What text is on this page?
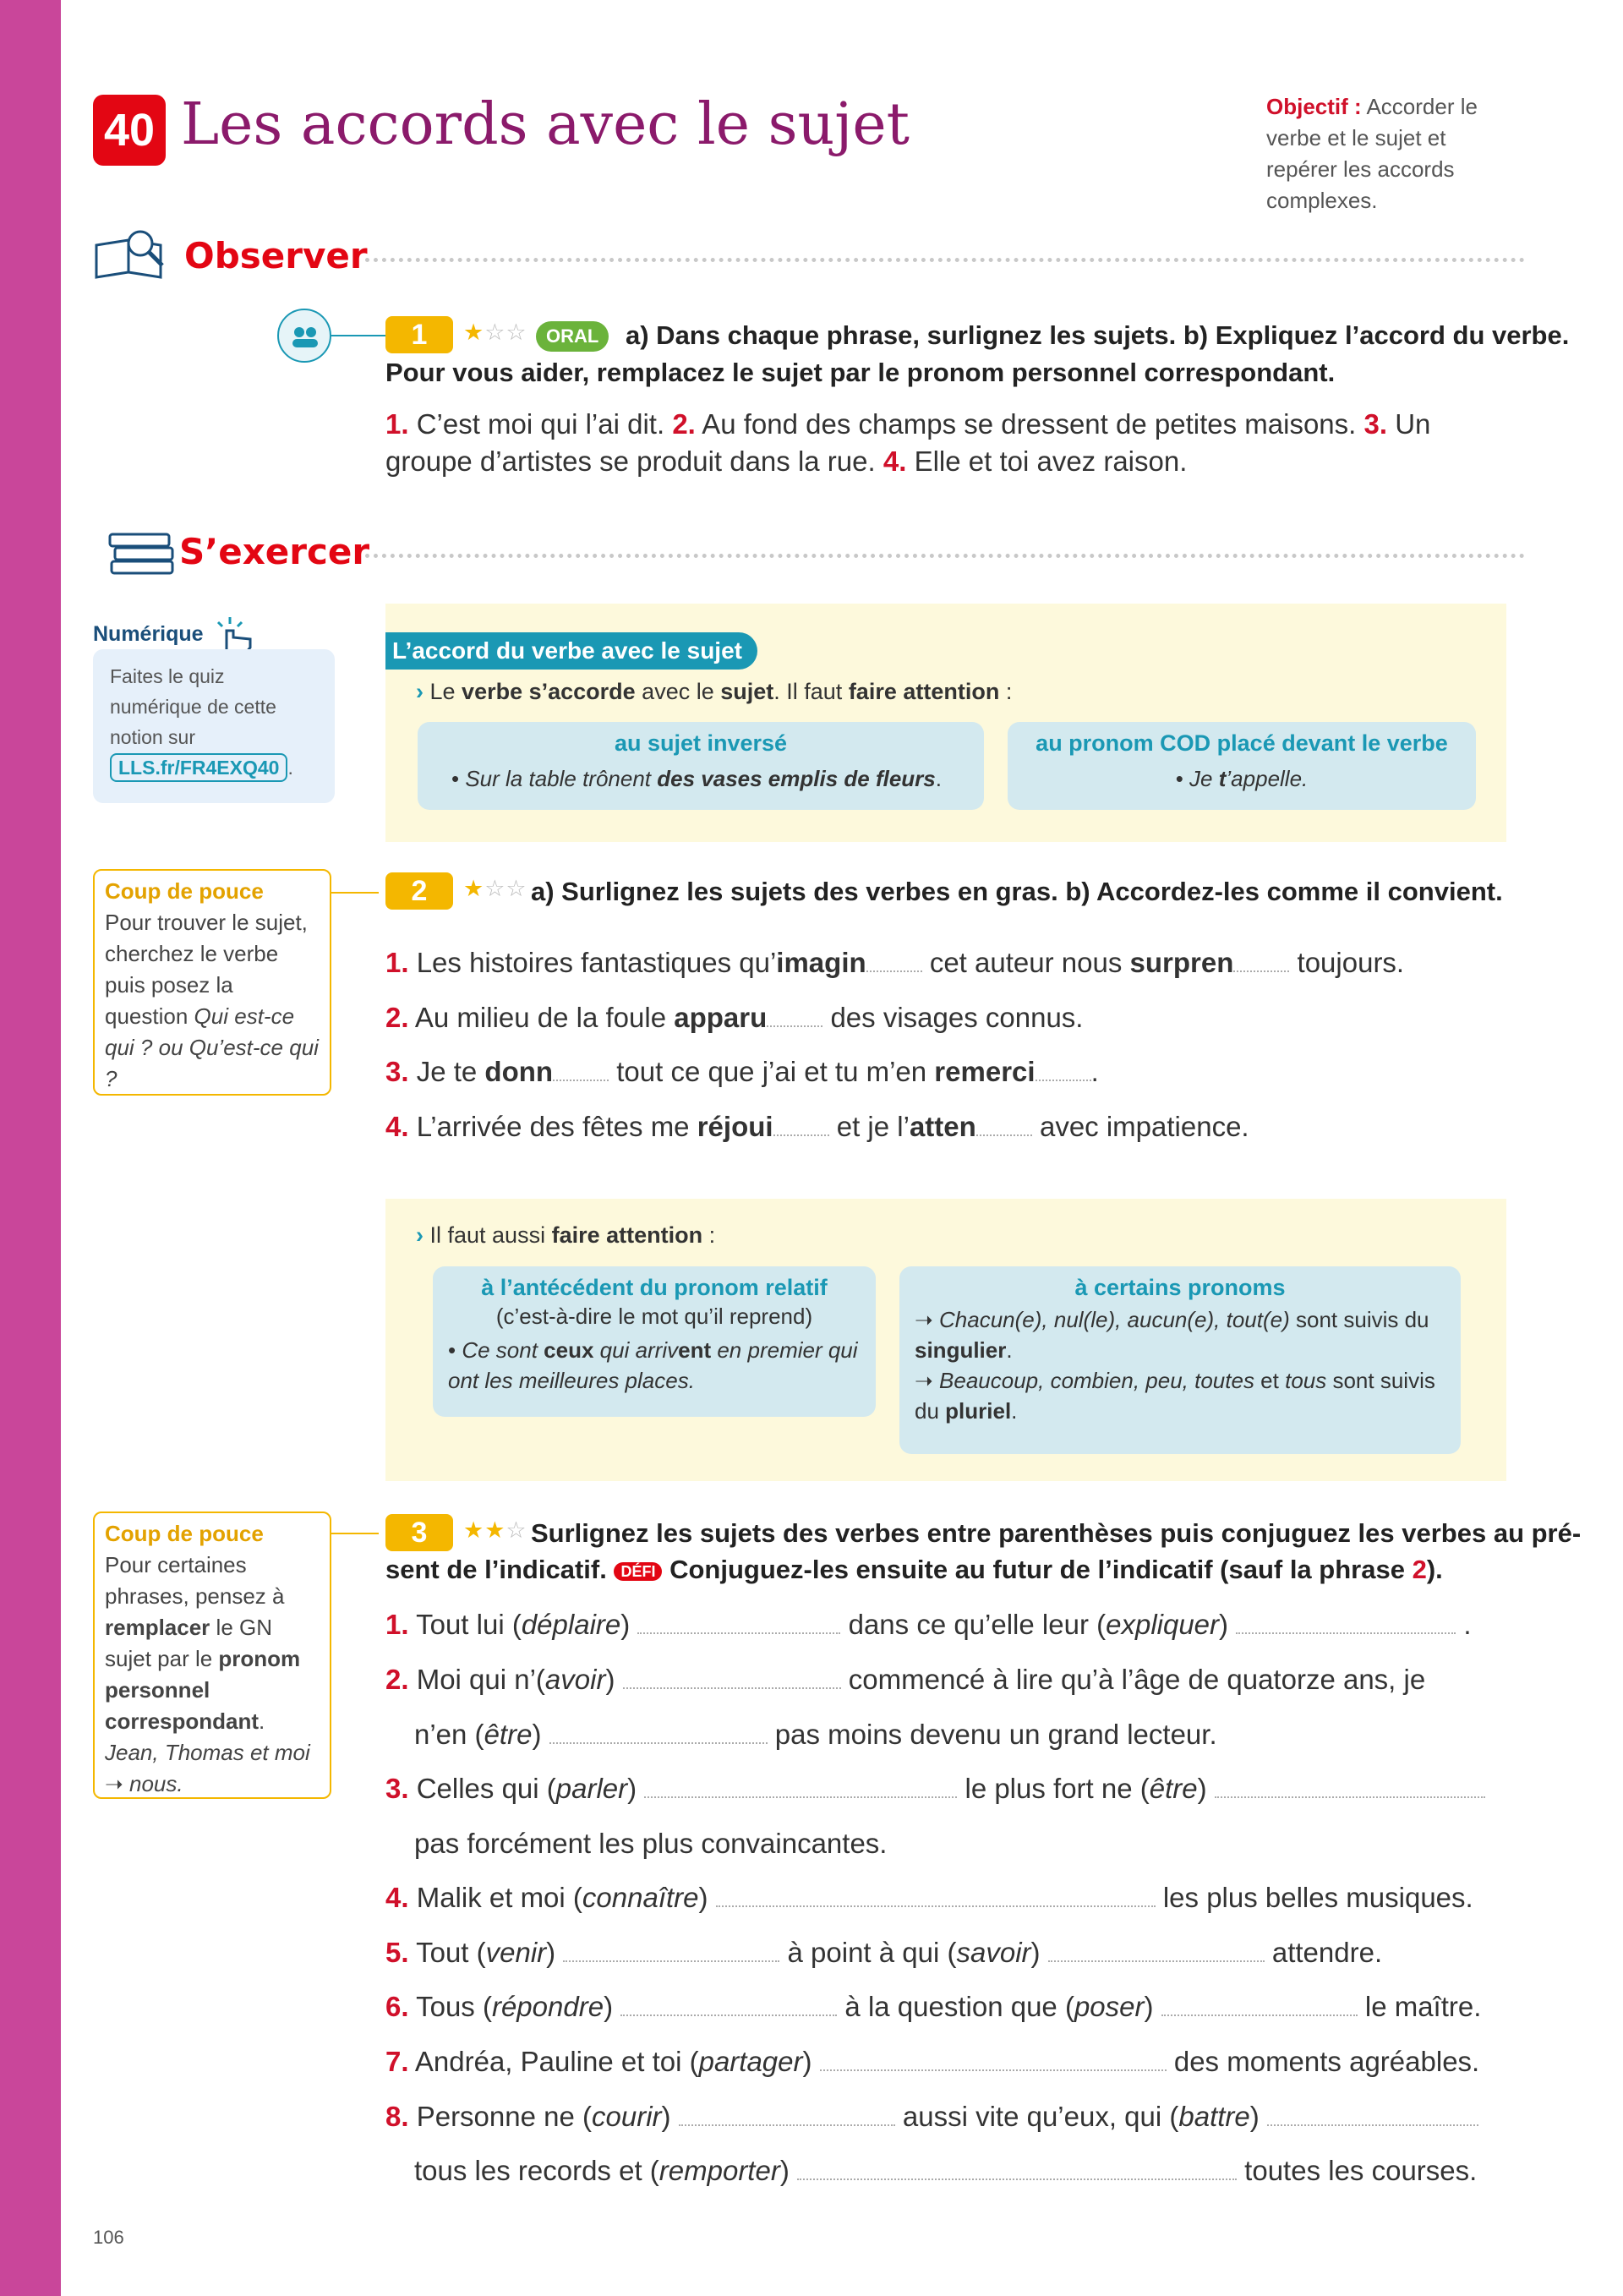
40 Les accords avec le sujet	Objectif : Accorder le verbe et le sujet et repérer les accords complexes.
Observer
1	★☆☆	ORAL	a) Dans chaque phrase, surlignez les sujets. b) Expliquez l’accord du verbe.
Pour vous aider, remplacez le sujet par le pronom personnel correspondant.
1. C’est moi qui l’ai dit. 2. Au fond des champs se dressent de petites maisons. 3. Un groupe d’artistes se produit dans la rue. 4. Elle et toi avez raison.
S’exercer
Numérique
Faites le quiz numérique de cette notion sur
LLS.fr/FR4EXQ40 .
L’accord du verbe avec le sujet
› Le verbe s’accorde avec le sujet. Il faut faire attention :
au sujet inversé
• Sur la table trônent des vases emplis de fleurs.
au pronom COD placé devant le verbe
• Je t’appelle.
Coup de pouce
Pour trouver le sujet, cherchez le verbe puis posez la question Qui est-ce qui ? ou Qu’est-ce qui ?
2	★☆☆ a) Surlignez les sujets des verbes en gras. b) Accordez-les comme il convient.
1. Les histoires fantastiques qu’imagin cet auteur nous surpren toujours.
2. Au milieu de la foule apparu des visages connus.
3. Je te donn tout ce que j’ai et tu m’en remerci .
4. L’arrivée des fêtes me réjoui et je l’atten avec impatience.
› Il faut aussi faire attention :
à l’antécédent du pronom relatif
(c’est-à-dire le mot qu’il reprend)
• Ce sont ceux qui arrivent en premier qui ont les meilleures places.
à certains pronoms
➝ Chacun(e), nul(le), aucun(e), tout(e) sont suivis du singulier.
➝ Beaucoup, combien, peu, toutes et tous sont suivis du pluriel.
Coup de pouce
Pour certaines phrases, pensez à remplacer le GN sujet par le pronom personnel correspondant.
Jean, Thomas et moi ➝ nous.
3	★★☆ Surlignez les sujets des verbes entre parenthèses puis conjuguez les verbes au pré-
sent de l’indicatif. DÉFI Conjuguez-les ensuite au futur de l’indicatif (sauf la phrase 2).
1. Tout lui (déplaire)	dans ce qu’elle leur (expliquer)	.
2. Moi qui n’(avoir)	commencé à lire qu’à l’âge de quatorze ans, je
n’en (être)	pas moins devenu un grand lecteur.
3. Celles qui (parler)	le plus fort ne (être)
pas forcément les plus convaincantes.
4. Malik et moi (connaître)	les plus belles musiques.
5. Tout (venir)	à point à qui (savoir)	attendre.
6. Tous (répondre)	à la question que (poser)	le maître.
7. Andréa, Pauline et toi (partager)	des moments agréables.
8. Personne ne (courir)	aussi vite qu’eux, qui (battre)
tous les records et (remporter)	toutes les courses.
106
